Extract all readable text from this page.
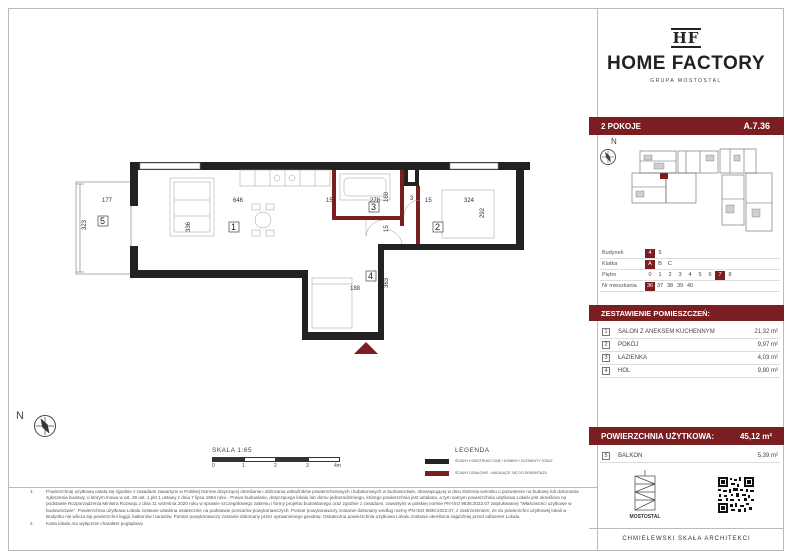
HF
HOME FACTORY
GRUPA MOSTOSTAL
2 POKOJE	A.7.36
N
Budynek	4	5
Klatka	A	B	C
Piętro	0	1	2	3	4	5	6	7	8
Nr mieszkania	36 37 38 39 40
ZESTAWIENIE POMIESZCZEŃ:
1	SALON Z ANEKSEM KUCHENNYM	21,32 m²
2	POKÓJ	9,97 m²
3	ŁAZIENKA	4,03 m²
4	HOL	9,80 m²
POWIERZCHNIA UŻYTKOWA:	45,12 m²
5	BALKON	5,39 m²
MOSTOSTAL
CHMIELEWSKI SKAŁA ARCHITEKCI
1	2
3
4
5
177
323	336
646	15	278 160	3 15	324
292
15
188
363
N
SKALA 1:65
0	1	2	3	4m
LEGENDA
ŚCIANY KONSTRUKCYJNE / KOMINY / ELEMENTY STAŁE
ŚCIANY DZIAŁOWE - NADAJĄCE SIĘ DO DEMONTAŻU
1.	Powierzchnię użytkową ustala się zgodnie z zasadami zawartymi w Polskiej Normie dotyczącej określania i obliczania wskaźników powierzchniowych i kubaturowych w budownictwie, obowiązującej w dniu złożenia wniosku o pozwolenie na budowę lub dokonania zgłoszenia budowy, o którym mowa w art. 29 ust. 1 pkt 1 ustawy z dnia 7 lipca 1994 roku - Prawo budowlane, dotyczącego lokalu lub domu jednorodzinnego, którego powierzchnia jest ustalana, a tym samym powierzchnia użytkowa Lokalu jest określona na podstawie Rozporządzenia Ministra Rozwoju z dnia 11 września 2020 roku w sprawie szczegółowego zakresu i formy projektu budowlanego oraz zgodnie z zasadami, zawartymi w polskiej normie PN-ISO 9836:2022.07 zatytułowanej "Właściwości użytkowe w budownictwie". Powierzchnia użytkowa Lokalu zostanie ustalona ostatecznie na podstawie pomiarów powykonawczych. Pomiar powykonawczy zostanie dokonany według normy PN-ISO 9836:2022.07, z zastrzeżeniem, że do powierzchni użytkowej lokali w Budynku nie wlicza się powierzchni loggii, balkonów i tarasów. Pomiar powykonawczy zostanie dokonany przez uprawnionego geodetę. Ostateczna powierzchnia użytkowa Lokalu zostanie określona najpóźniej przed odbiorem Lokalu.
2.	Karta lokalu ma wyłącznie charakter poglądowy.
